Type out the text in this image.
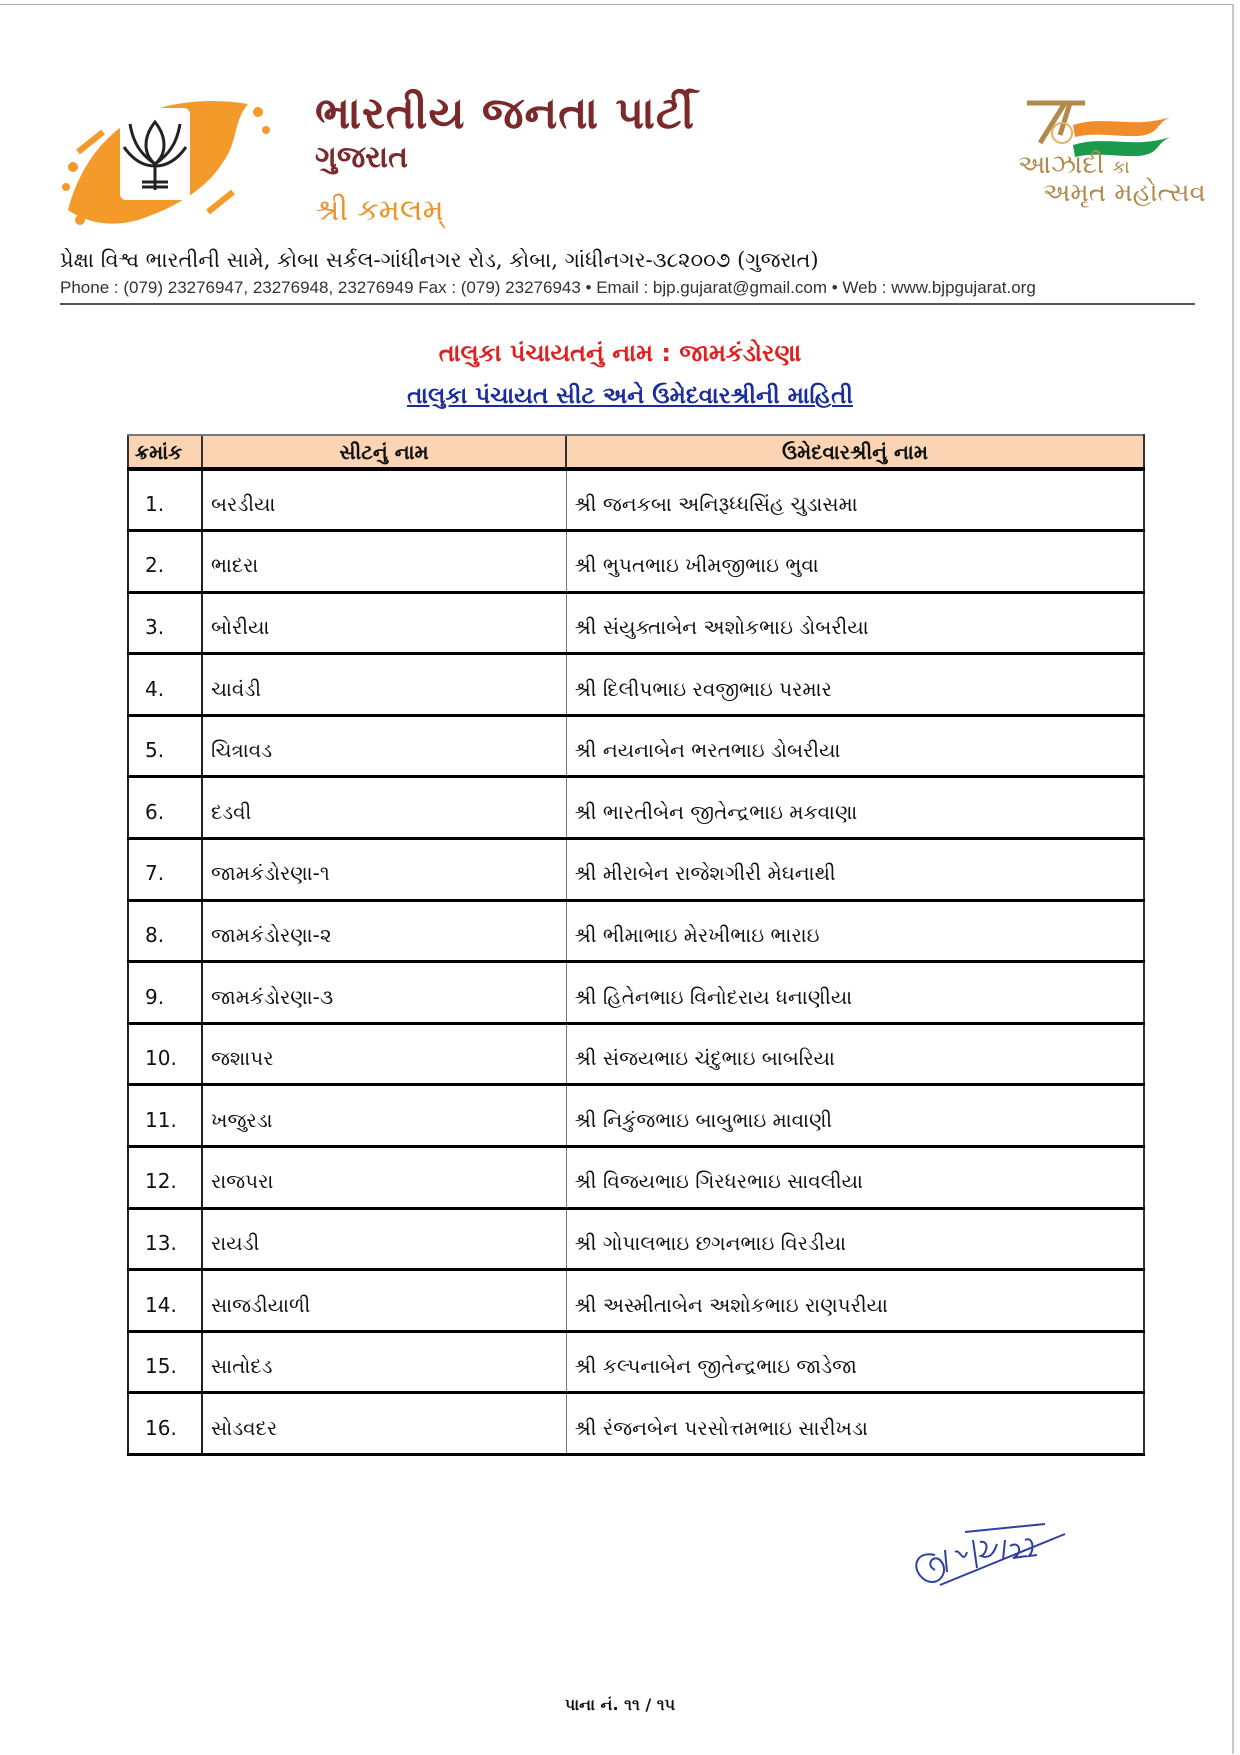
ભારતીય જનતા પાર્ટી
ગુજરાત
શ્રી કમલમ્
આઝાદી કા
અમૃત મહોત્સવ
પ્રેક્ષા વિશ્વ ભારતીની સામે, કોબા સર્કલ-ગાંધીનગર રોડ, કોબા, ગાંધીનગર-૩૮૨૦૦૭ (ગુજરાત)
Phone : (079) 23276947, 23276948, 23276949 Fax : (079) 23276943 • Email : bjp.gujarat@gmail.com • Web : www.bjpgujarat.org
તાલુકા પંચાયતનું નામ : જામકંડોરણા
તાલુકા પંચાયત સીટ અને ઉમેદવારશ્રીની માહિતી
ક્રમાંક	સીટનું નામ	ઉમેદવારશ્રીનું નામ
1.	બરડીયા	શ્રી જનકબા અનિરૂધ્ધસિંહ ચુડાસમા
2.	ભાદરા	શ્રી ભુપતભાઇ ખીમજીભાઇ ભુવા
3.	બોરીયા	શ્રી સંયુક્તાબેન અશોકભાઇ ડોબરીયા
4.	ચાવંડી	શ્રી દિલીપભાઇ રવજીભાઇ પરમાર
5.	ચિત્રાવડ	શ્રી નયનાબેન ભરતભાઇ ડોબરીયા
6.	દડવી	શ્રી ભારતીબેન જીતેન્દ્રભાઇ મકવાણા
7.	જામકંડોરણા-૧	શ્રી મીરાબેન રાજેશગીરી મેઘનાથી
8.	જામકંડોરણા-૨	શ્રી ભીમાભાઇ મેરખીભાઇ ભારાઇ
9.	જામકંડોરણા-૩	શ્રી હિતેનભાઇ વિનોદરાય ધનાણીયા
10.	જશાપર	શ્રી સંજયભાઇ ચંદુભાઇ બાબરિયા
11.	ખજુરડા	શ્રી નિકુંજભાઇ બાબુભાઇ માવાણી
12.	રાજપરા	શ્રી વિજયભાઇ ગિરધરભાઇ સાવલીયા
13.	રાયડી	શ્રી ગોપાલભાઇ છગનભાઇ વિરડીયા
14.	સાજડીયાળી	શ્રી અસ્મીતાબેન અશોકભાઇ રાણપરીયા
15.	સાતોદડ	શ્રી કલ્પનાબેન જીતેન્દ્રભાઇ જાડેજા
16.	સોડવદર	શ્રી રંજનબેન પરસોત્તમભાઇ સારીખડા
પાના નં. ૧૧ / ૧૫
